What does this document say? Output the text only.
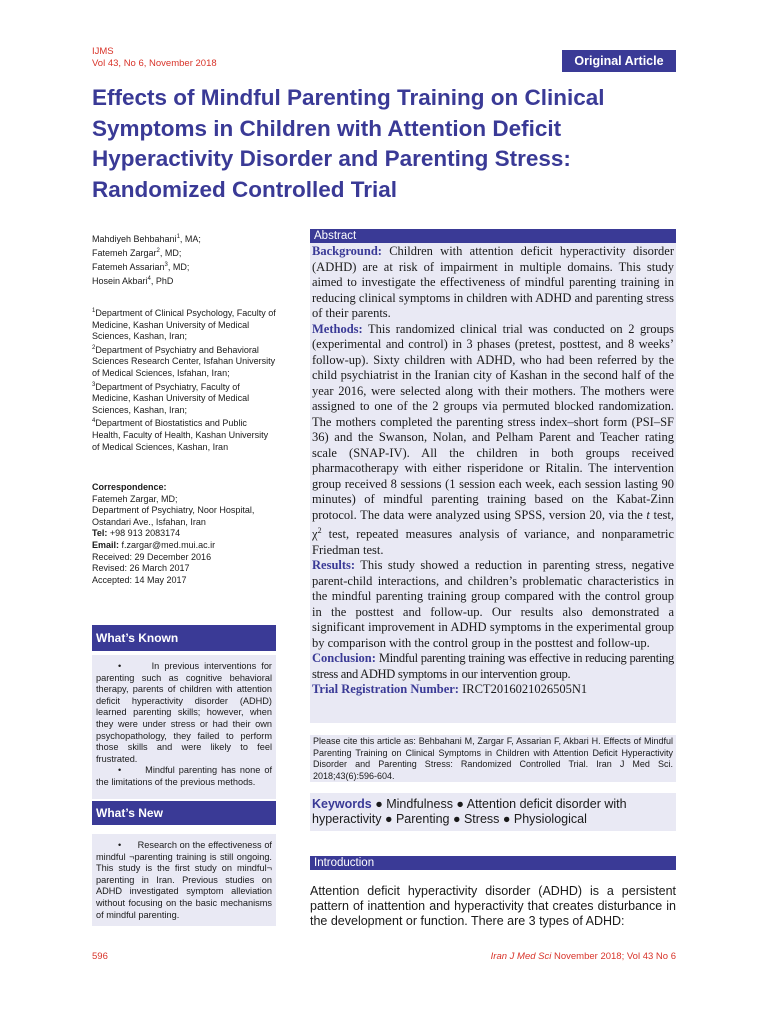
IJMS
Vol 43, No 6, November 2018	Original Article
Effects of Mindful Parenting Training on Clinical Symptoms in Children with Attention Deficit Hyperactivity Disorder and Parenting Stress: Randomized Controlled Trial
Mahdiyeh Behbahani$^1$, MA;
Fatemeh Zargar$^2$, MD;
Fatemeh Assarian$^3$, MD;
Hosein Akbari$^4$, PhD
$^1$Department of Clinical Psychology, Faculty of Medicine, Kashan University of Medical Sciences, Kashan, Iran;
$^2$Department of Psychiatry and Behavioral Sciences Research Center, Isfahan University of Medical Sciences, Isfahan, Iran;
$^3$Department of Psychiatry, Faculty of Medicine, Kashan University of Medical Sciences, Kashan, Iran;
$^4$Department of Biostatistics and Public Health, Faculty of Health, Kashan University of Medical Sciences, Kashan, Iran
Correspondence:
Fatemeh Zargar, MD;
Department of Psychiatry, Noor Hospital, Ostandari Ave., Isfahan, Iran
Tel: +98 913 2083174
Email: f.zargar@med.mui.ac.ir
Received: 29 December 2016
Revised: 26 March 2017
Accepted: 14 May 2017
What’s Known

•      In previous interventions for parenting such as cognitive behavioral therapy, parents of children with attention deficit hyperactivity disorder (ADHD) learned parenting skills; however, when they were under stress or had their own psychopathology, they failed to perform those skills and were likely to feel frustrated.

•      Mindful parenting has none of the limitations of the previous methods.

What’s New

•      Research on the effectiveness of mindful ¬parenting training is still ongoing. This study is the first study on mindful¬ parenting in Iran. Previous studies on ADHD investigated symptom alleviation without focusing on the basic mechanisms of mindful parenting.

Abstract

Background: Children with attention deficit hyperactivity disorder (ADHD) are at risk of impairment in multiple domains. This study aimed to investigate the effectiveness of mindful parenting training in reducing clinical symptoms in children with ADHD and parenting stress of their parents.

Methods: This randomized clinical trial was conducted on 2 groups (experimental and control) in 3 phases (pretest, posttest, and 8 weeks’ follow-up). Sixty children with ADHD, who had been referred by the child psychiatrist in the Iranian city of Kashan in the second half of the year 2016, were selected along with their mothers. The mothers were assigned to one of the 2 groups via permuted blocked randomization. The mothers completed the parenting stress index–short form (PSI–SF 36) and the Swanson, Nolan, and Pelham Parent and Teacher rating scale (SNAP-IV). All the children in both groups received pharmacotherapy with either risperidone or Ritalin. The intervention group received 8 sessions (1 session each week, each session lasting 90 minutes) of mindful parenting training based on the Kabat-Zinn protocol. The data were analyzed using SPSS, version 20, via the t test, $\chi^2$ test, repeated measures analysis of variance, and nonparametric Friedman test.

Results: This study showed a reduction in parenting stress, negative parent-child interactions, and children’s problematic characteristics in the mindful parenting training group compared with the control group in the posttest and follow-up. Our results also demonstrated a significant improvement in ADHD symptoms in the experimental group by comparison with the control group in the posttest and follow-up.

Conclusion: Mindful parenting training was effective in reducing parenting stress and ADHD symptoms in our intervention group.

Trial Registration Number: IRCT2016021026505N1

Please cite this article as: Behbahani M, Zargar F, Assarian F, Akbari H. Effects of Mindful Parenting Training on Clinical Symptoms in Children with Attention Deficit Hyperactivity Disorder and Parenting Stress: Randomized Controlled Trial. Iran J Med Sci. 2018;43(6):596-604.
Keywords ● Mindfulness ● Attention deficit disorder with hyperactivity ● Parenting ● Stress ● Physiological
Introduction
Attention deficit hyperactivity disorder (ADHD) is a persistent pattern of inattention and hyperactivity that creates disturbance in the development or function. There are 3 types of ADHD:
596	Iran J Med Sci November 2018; Vol 43 No 6
